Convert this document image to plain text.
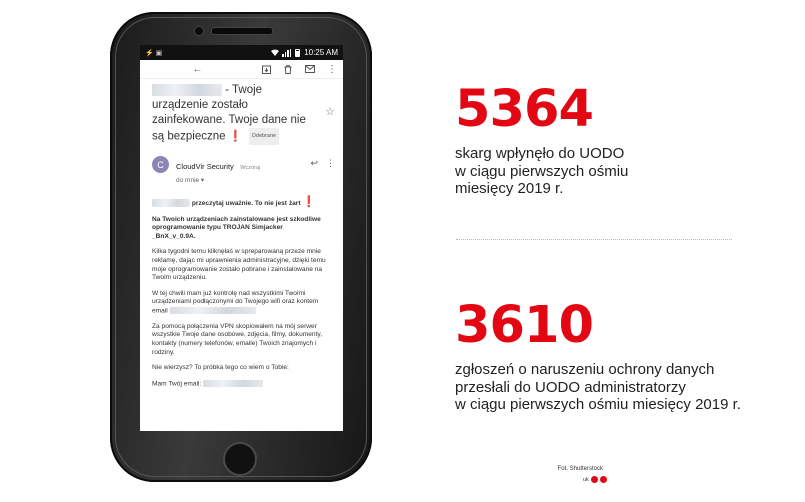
⚡ ▣	10:25 AM
←	⋮
- Twoje urządzenie zostało zainfekowane. Twoje dane nie są bezpieczne ❗ Odebrane
☆
C	CloudVir Security Wczoraj
do mnie ▾
↩ ⋮

przeczytaj uważnie. To nie jest żart ❗

Na Twoich urządzeniach zainstalowane jest szkodliwe oprogramowanie typu TROJAN Simjacker _BnX_v_0.9A.

Kilka tygodni temu kliknęłaś w spreparowaną przeze mnie reklamę, dając mi uprawnienia administracyjne, dzięki temu moje oprogramowanie zostało pobrane i zainstalowane na Twoim urządzeniu.

W tej chwili mam już kontrolę nad wszystkimi Twoimi urządzeniami podłączonymi do Twojego wifi oraz kontem email

Za pomocą połączenia VPN skopiowałem na mój serwer wszystkie Twoje dane osobowe, zdjęcia, filmy, dokumenty, kontakty (numery telefonów, emaile) Twoich znajomych i rodziny.

Nie wierzysz? To próbka tego co wiem o Tobie:

Mam Twój email:

5364
skarg wpłynęło do UODO
w ciągu pierwszych ośmiu
miesięcy 2019 r.
3610
zgłoszeń o naruszeniu ochrony danych
przesłali do UODO administratorzy
w ciągu pierwszych ośmiu miesięcy 2019 r.
Fot. Shutterstock
uk
